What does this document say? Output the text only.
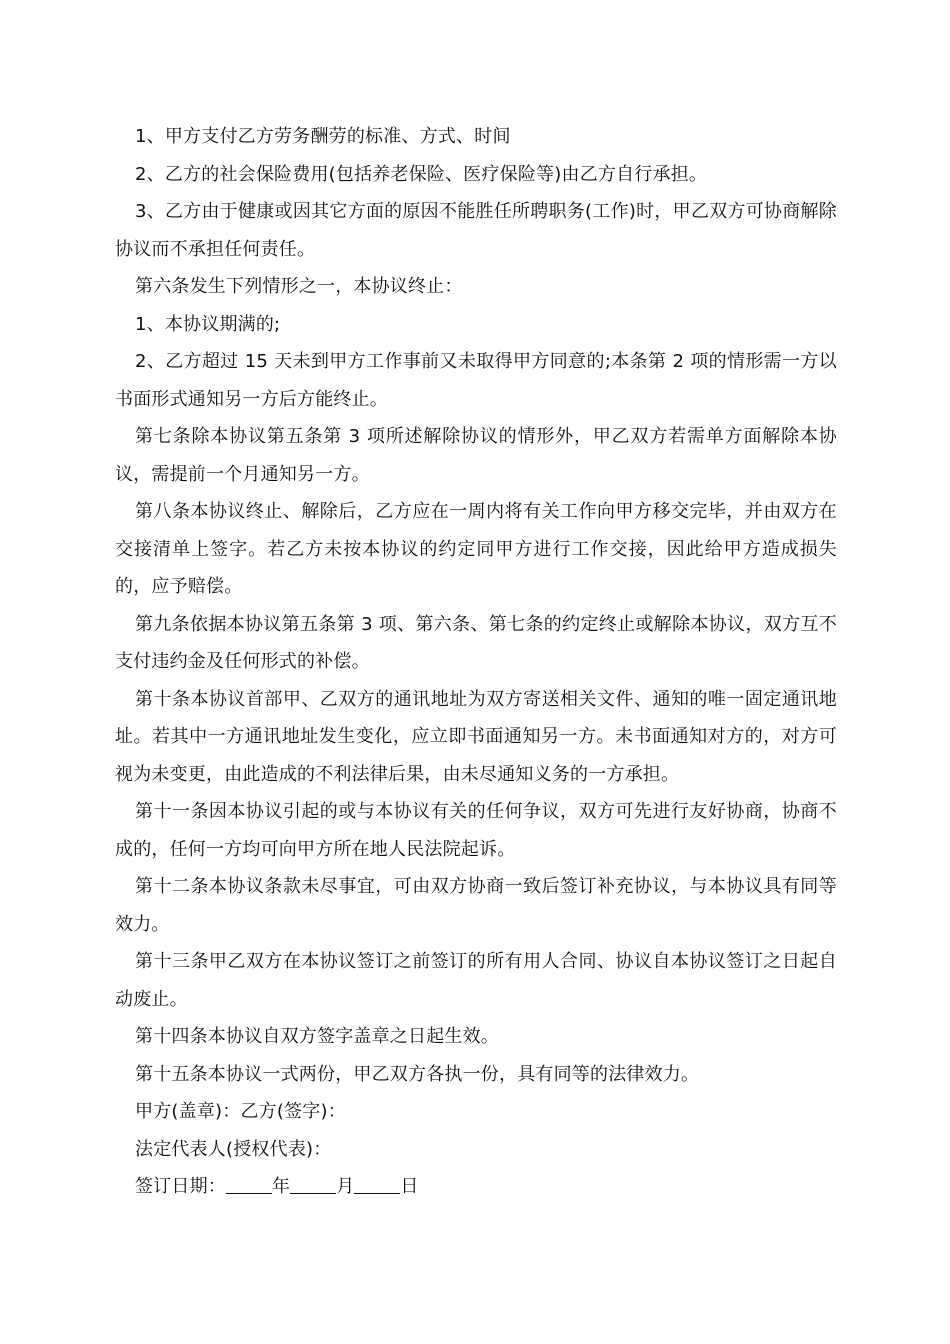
1、甲方支付乙方劳务酬劳的标准、方式、时间

2、乙方的社会保险费用(包括养老保险、医疗保险等)由乙方自行承担。

3、乙方由于健康或因其它方面的原因不能胜任所聘职务(工作)时，甲乙双方可协商解除协议而不承担任何责任。

第六条发生下列情形之一，本协议终止：

1、本协议期满的;

2、乙方超过 15 天未到甲方工作事前又未取得甲方同意的;本条第 2 项的情形需一方以书面形式通知另一方后方能终止。

第七条除本协议第五条第 3 项所述解除协议的情形外，甲乙双方若需单方面解除本协议，需提前一个月通知另一方。

第八条本协议终止、解除后，乙方应在一周内将有关工作向甲方移交完毕，并由双方在交接清单上签字。若乙方未按本协议的约定同甲方进行工作交接，因此给甲方造成损失的，应予赔偿。

第九条依据本协议第五条第 3 项、第六条、第七条的约定终止或解除本协议，双方互不支付违约金及任何形式的补偿。

第十条本协议首部甲、乙双方的通讯地址为双方寄送相关文件、通知的唯一固定通讯地址。若其中一方通讯地址发生变化，应立即书面通知另一方。未书面通知对方的，对方可视为未变更，由此造成的不利法律后果，由未尽通知义务的一方承担。

第十一条因本协议引起的或与本协议有关的任何争议，双方可先进行友好协商，协商不成的，任何一方均可向甲方所在地人民法院起诉。

第十二条本协议条款未尽事宜，可由双方协商一致后签订补充协议，与本协议具有同等效力。

第十三条甲乙双方在本协议签订之前签订的所有用人合同、协议自本协议签订之日起自动废止。

第十四条本协议自双方签字盖章之日起生效。

第十五条本协议一式两份，甲乙双方各执一份，具有同等的法律效力。

甲方(盖章)：乙方(签字)：

法定代表人(授权代表)：

签订日期：	年	月	日
